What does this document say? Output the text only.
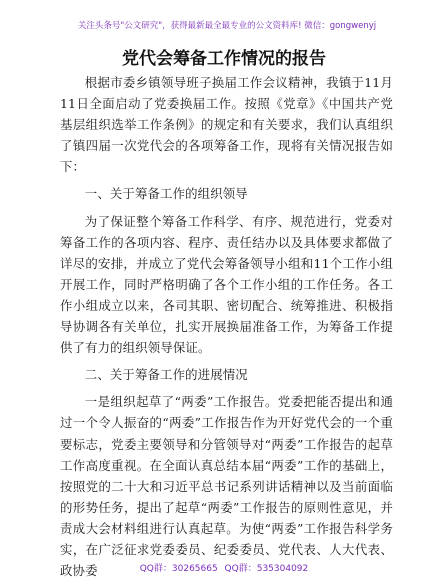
关注头条号"公文研究"，获得最新最全最专业的公文资料库! 微信：gongwenyj
党代会筹备工作情况的报告

根据市委乡镇领导班子换届工作会议精神，我镇于11月11日全面启动了党委换届工作。按照《党章》《中国共产党基层组织选举工作条例》的规定和有关要求，我们认真组织了镇四届一次党代会的各项筹备工作，现将有关情况报告如下：

一、关于筹备工作的组织领导

为了保证整个筹备工作科学、有序、规范进行，党委对筹备工作的各项内容、程序、责任结办以及具体要求都做了详尽的安排，并成立了党代会筹备领导小组和11个工作小组开展工作，同时严格明确了各个工作小组的工作任务。各工作小组成立以来，各司其职、密切配合、统筹推进、积极指导协调各有关单位，扎实开展换届准备工作，为筹备工作提供了有力的组织领导保证。

二、关于筹备工作的进展情况

一是组织起草了“两委”工作报告。党委把能否提出和通过一个令人振奋的“两委”工作报告作为开好党代会的一个重要标志，党委主要领导和分管领导对“两委”工作报告的起草工作高度重视。在全面认真总结本届“两委”工作的基础上，按照党的二十大和习近平总书记系列讲话精神以及当前面临的形势任务，提出了起草“两委”工作报告的原则性意见，并责成大会材料组进行认真起草。为使“两委”工作报告科学务实，在广泛征求党委委员、纪委委员、党代表、人大代表、政协委	QQ群：30265665 QQ群：535304092
